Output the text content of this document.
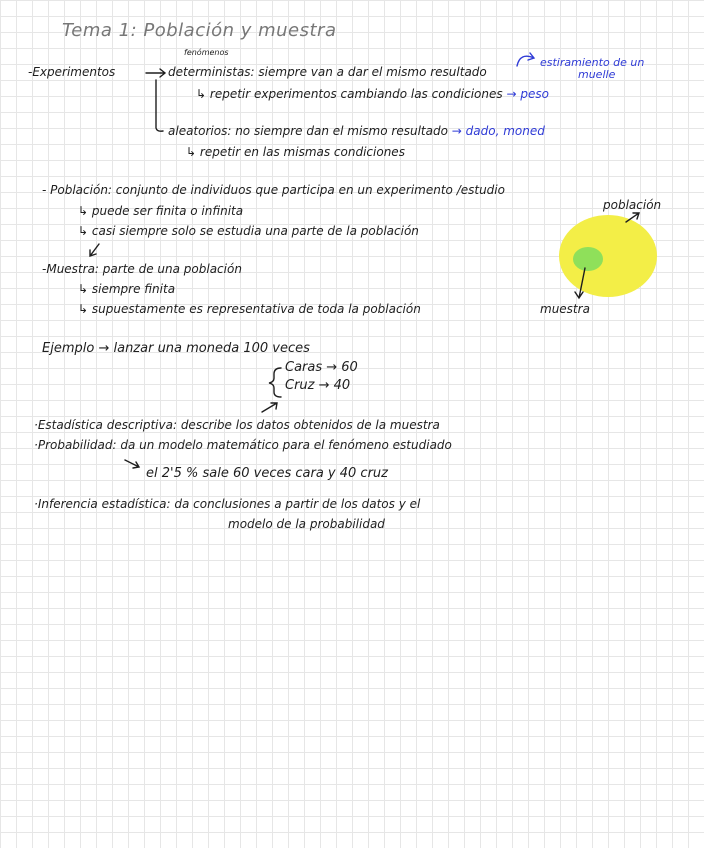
Tema 1: Población y muestra
-Experimentos
fenómenos
deterministas: siempre van a dar el mismo resultado
estiramiento de un
muelle
↳ repetir experimentos cambiando las condiciones → peso
aleatorios: no siempre dan el mismo resultado → dado, moned
↳ repetir en las mismas condiciones
- Población: conjunto de individuos que participa en un experimento /estudio
↳ puede ser finita o infinita
↳ casi siempre solo se estudia una parte de la población
-Muestra: parte de una población
↳ siempre finita
↳ supuestamente es representativa de toda la población
población
muestra
Ejemplo → lanzar una moneda 100 veces
Caras → 60
Cruz → 40
·Estadística descriptiva: describe los datos obtenidos de la muestra
·Probabilidad: da un modelo matemático para el fenómeno estudiado
el 2'5 % sale 60 veces cara y 40 cruz
·Inferencia estadística: da conclusiones a partir de los datos y el
modelo de la probabilidad
